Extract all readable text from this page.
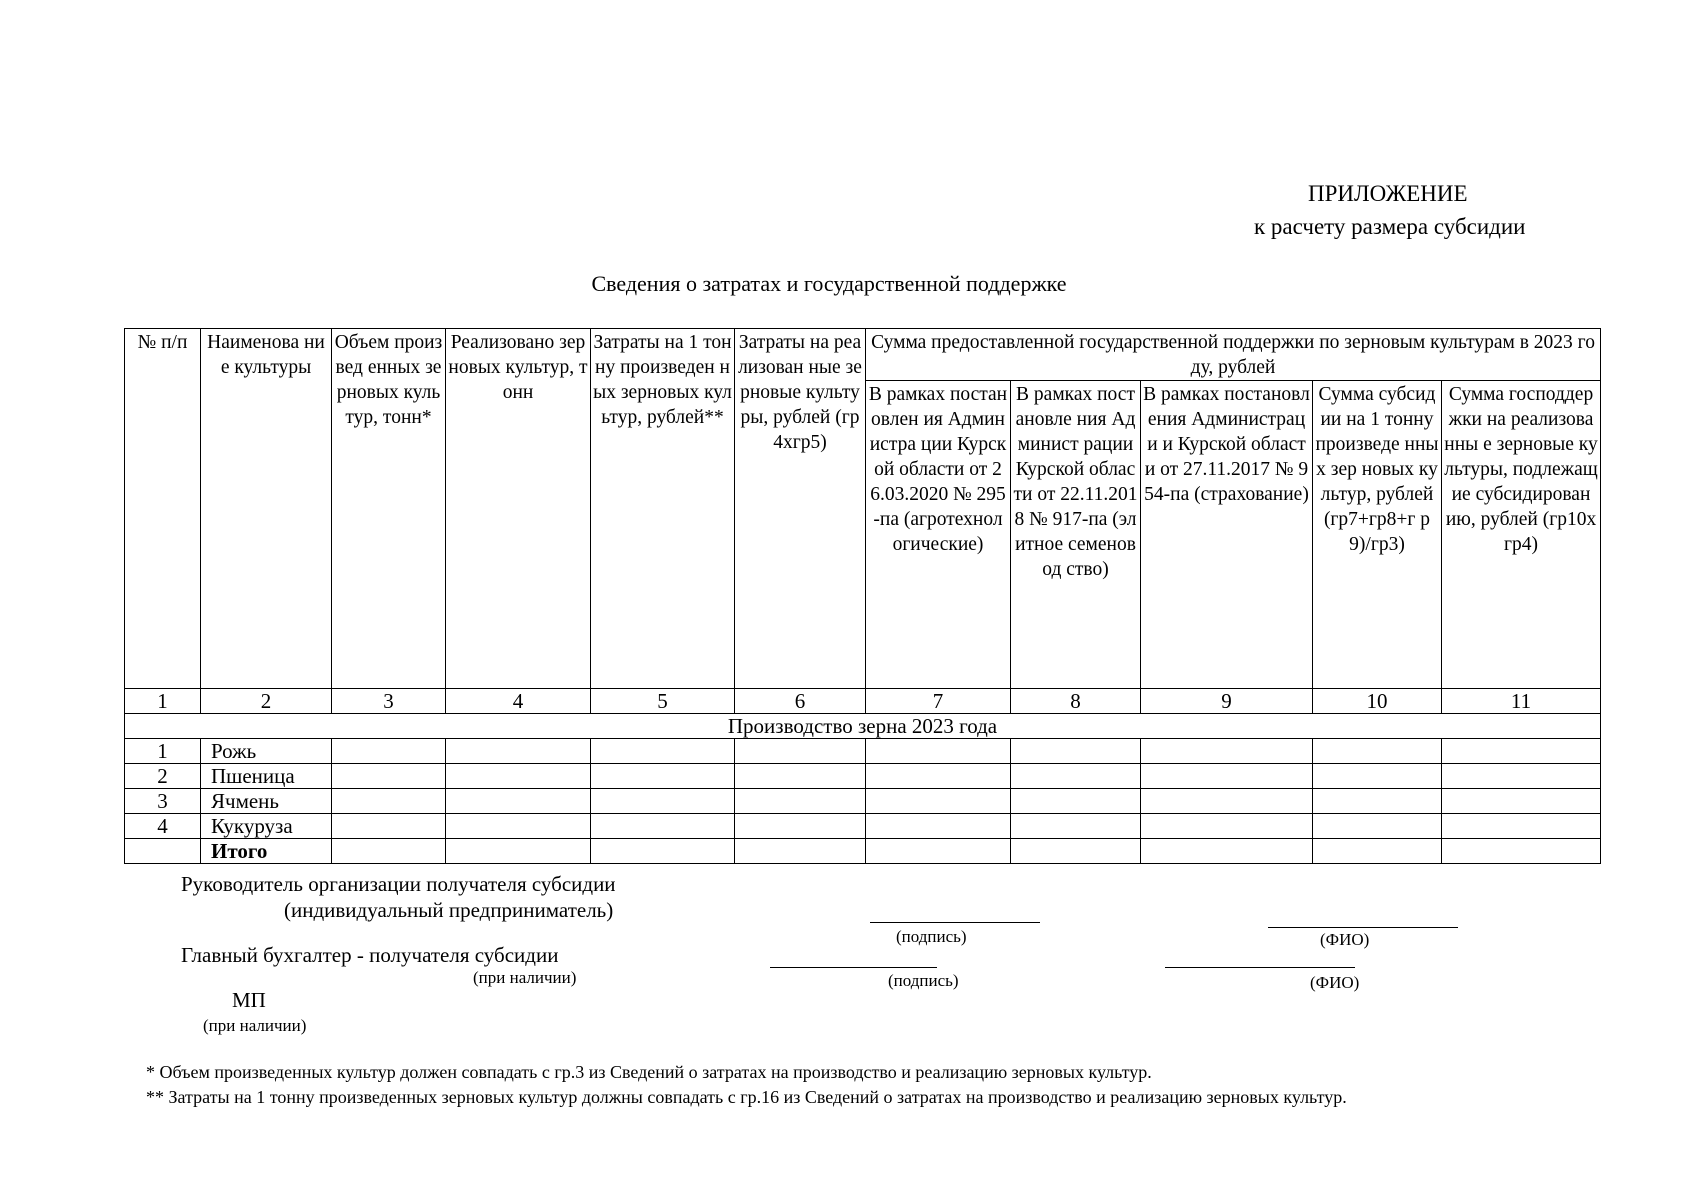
ПРИЛОЖЕНИЕ
к расчету размера субсидии
Сведения о затратах и государственной поддержке
№ п/п	Наименова ние культуры	Объем произвед енных зерновых культур, тонн*	Реализовано зерновых культур, тонн	Затраты на 1 тонну произведен ных зерновых культур, рублей**	Затраты на реализован ные зерновые культуры, рублей (гр4хгр5)	Сумма предоставленной государственной поддержки по зерновым культурам в 2023 году, рублей				
						В рамках постановлен ия Администра ции Курской области от 26.03.2020 № 295-па (агротехнол огические)	В рамках постановле ния Админист рации Курской области от 22.11.2018 № 917-па (элитное семеновод ство)	В рамках постановления Администраци и Курской области от 27.11.2017 № 954-па (страхование)	Сумма субсидии на 1 тонну произведе нных зер новых культур, рублей (гр7+гр8+г р9)/гр3)	Сумма господдержки на реализованны е зерновые культуры, подлежащие субсидирован ию, рублей (гр10хгр4)
1	2	3	4	5	6	7	8	9	10	11
Производство зерна 2023 года										
1	Рожь									
2	Пшеница									
3	Ячмень									
4	Кукуруза									
	Итого									
Руководитель организации получателя субсидии
(индивидуальный предприниматель)
(подпись)	(ФИО)
Главный бухгалтер - получателя субсидии
(при наличии)	(подпись)	(ФИО)
МП
(при наличии)
* Объем произведенных культур должен совпадать с гр.3 из Сведений о затратах на производство и реализацию зерновых культур.
** Затраты на 1 тонну произведенных зерновых культур должны совпадать с гр.16 из Сведений о затратах на производство и реализацию зерновых культур.
